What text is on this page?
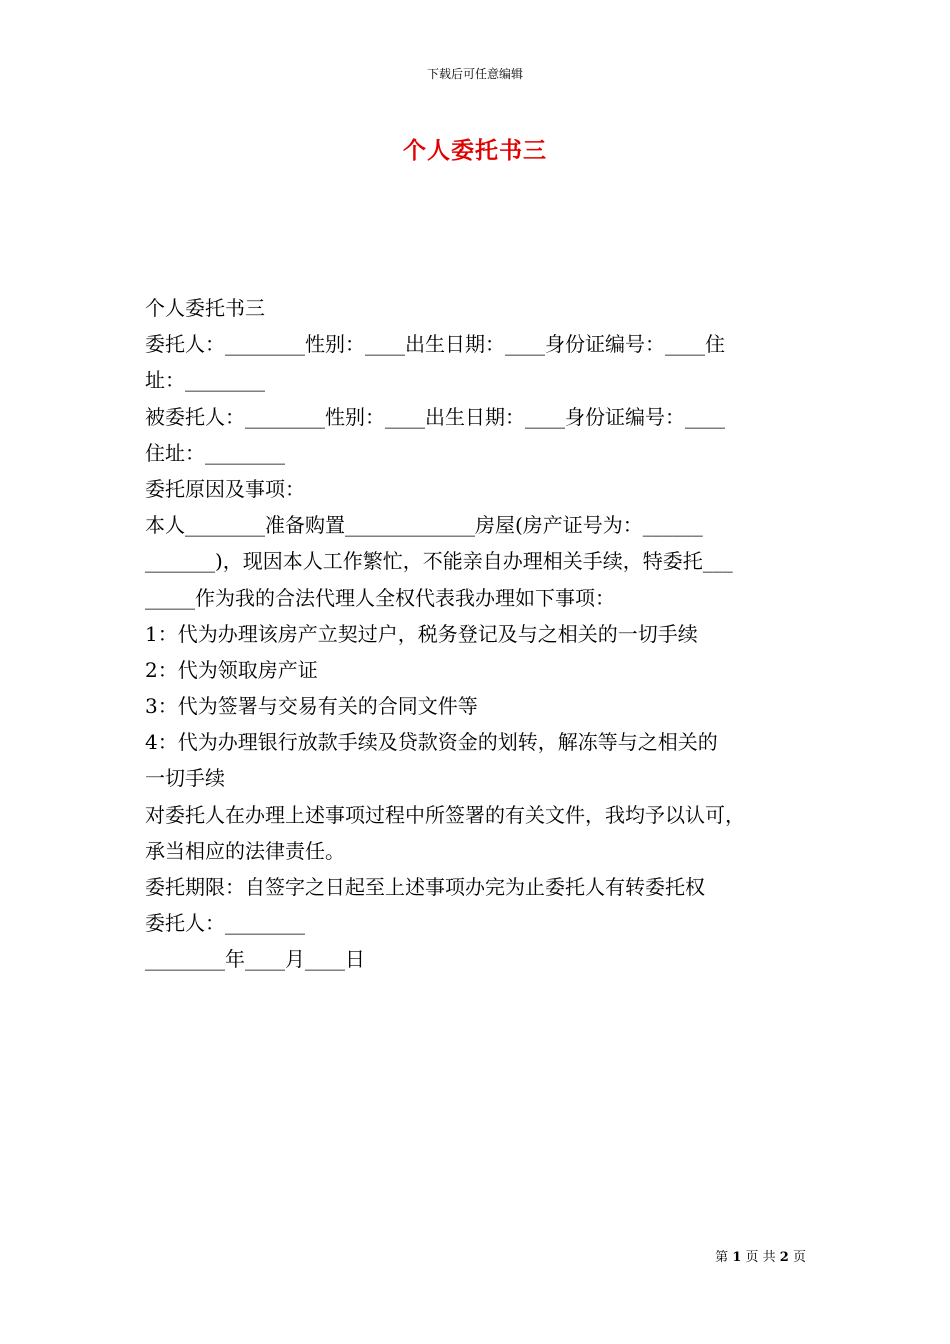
下载后可任意编辑
个人委托书三
个人委托书三
委托人：________性别：____出生日期：____身份证编号：____住
址：________
被委托人：________性别：____出生日期：____身份证编号：____
住址：________
委托原因及事项：
本人________准备购置_____________房屋(房产证号为：______
_______)，现因本人工作繁忙，不能亲自办理相关手续，特委托___
_____作为我的合法代理人全权代表我办理如下事项：
1：代为办理该房产立契过户，税务登记及与之相关的一切手续
2：代为领取房产证
3：代为签署与交易有关的合同文件等
4：代为办理银行放款手续及贷款资金的划转，解冻等与之相关的
一切手续
对委托人在办理上述事项过程中所签署的有关文件，我均予以认可，
承当相应的法律责任。
委托期限：自签字之日起至上述事项办完为止委托人有转委托权
委托人：________
________年____月____日
第 1 页 共 2 页
